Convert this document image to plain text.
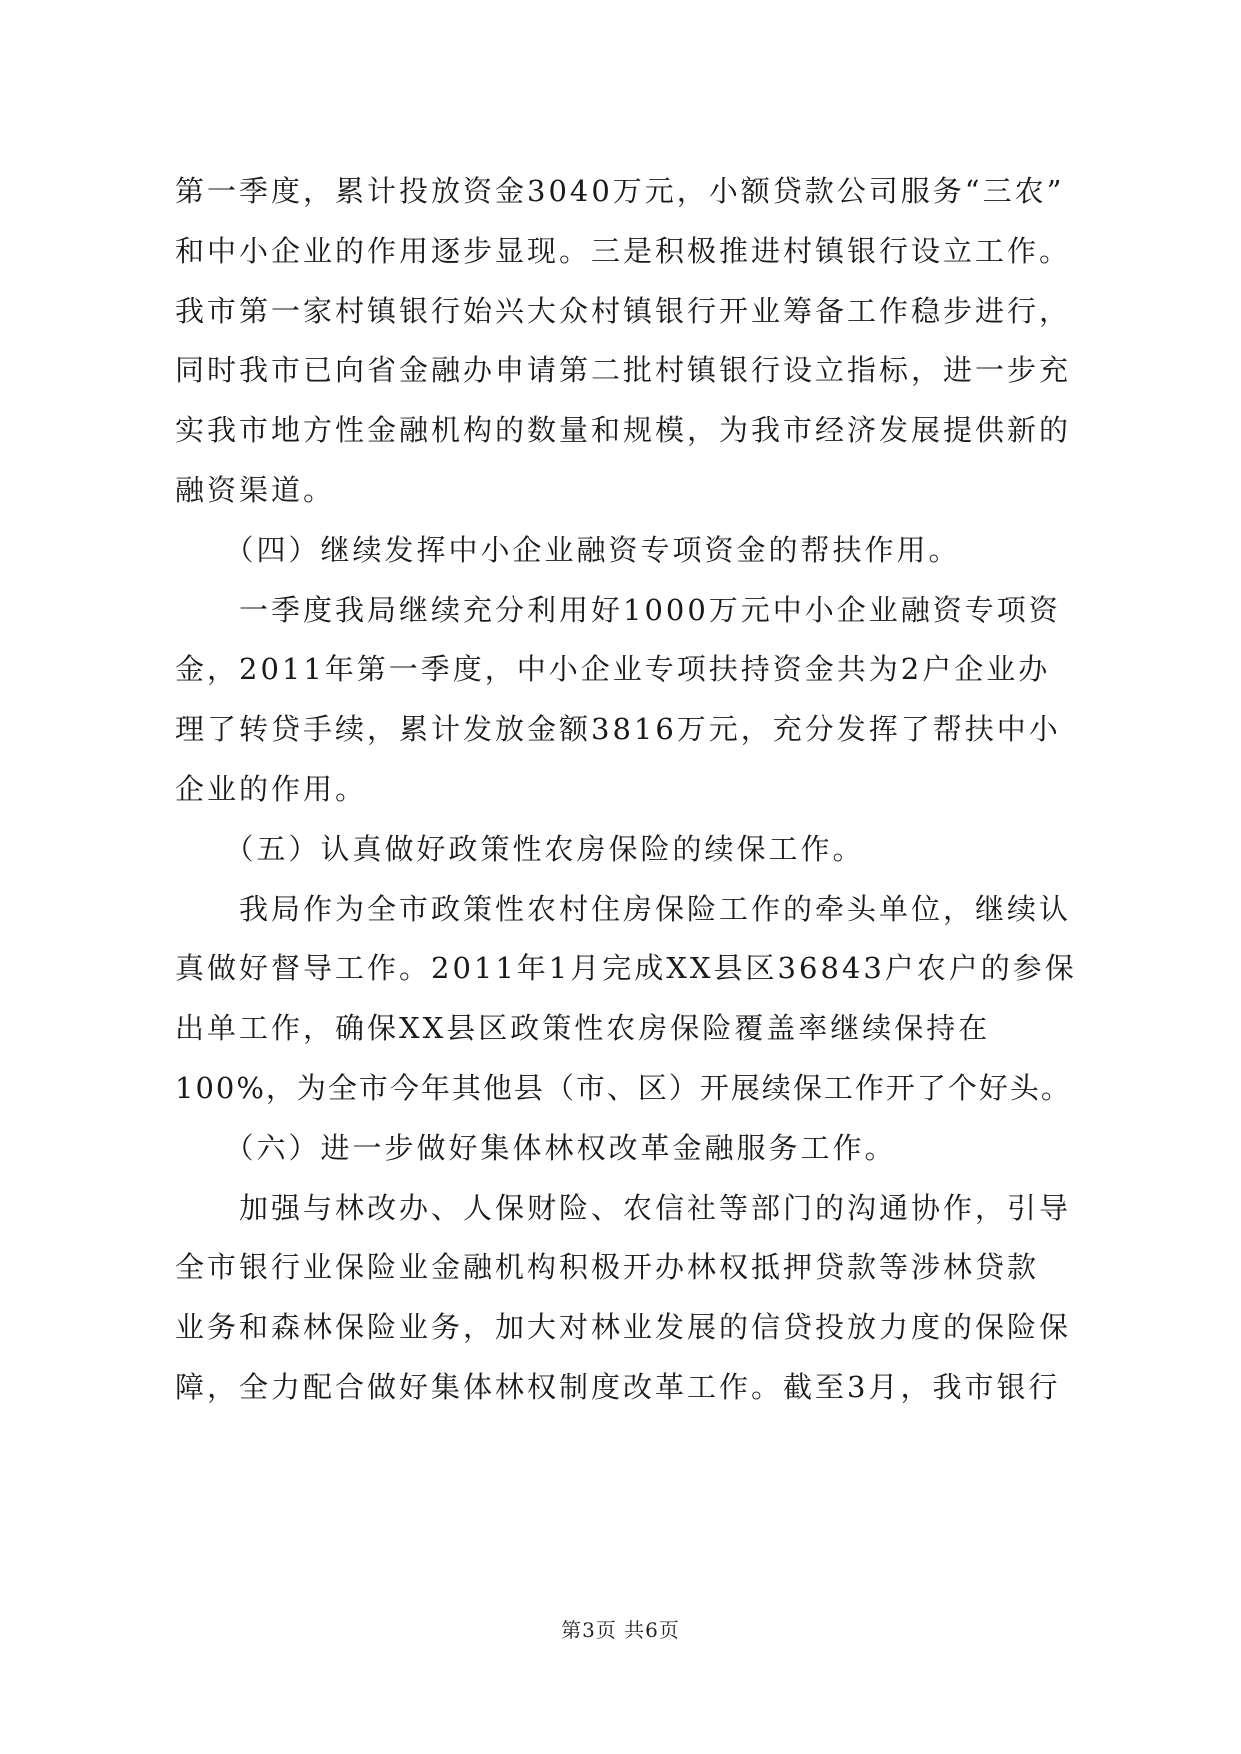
第一季度，累计投放资金3040万元，小额贷款公司服务“三农”
和中小企业的作用逐步显现。三是积极推进村镇银行设立工作。
我市第一家村镇银行始兴大众村镇银行开业筹备工作稳步进行，
同时我市已向省金融办申请第二批村镇银行设立指标，进一步充
实我市地方性金融机构的数量和规模，为我市经济发展提供新的
融资渠道。
　　（四）继续发挥中小企业融资专项资金的帮扶作用。
　　一季度我局继续充分利用好1000万元中小企业融资专项资
金，2011年第一季度，中小企业专项扶持资金共为2户企业办
理了转贷手续，累计发放金额3816万元，充分发挥了帮扶中小
企业的作用。
　　（五）认真做好政策性农房保险的续保工作。
　　我局作为全市政策性农村住房保险工作的牵头单位，继续认
真做好督导工作。2011年1月完成XX县区36843户农户的参保
出单工作，确保XX县区政策性农房保险覆盖率继续保持在
100%，为全市今年其他县（市、区）开展续保工作开了个好头。
　　（六）进一步做好集体林权改革金融服务工作。
　　加强与林改办、人保财险、农信社等部门的沟通协作，引导
全市银行业保险业金融机构积极开办林权抵押贷款等涉林贷款
业务和森林保险业务，加大对林业发展的信贷投放力度的保险保
障，全力配合做好集体林权制度改革工作。截至3月，我市银行
第3页 共6页
